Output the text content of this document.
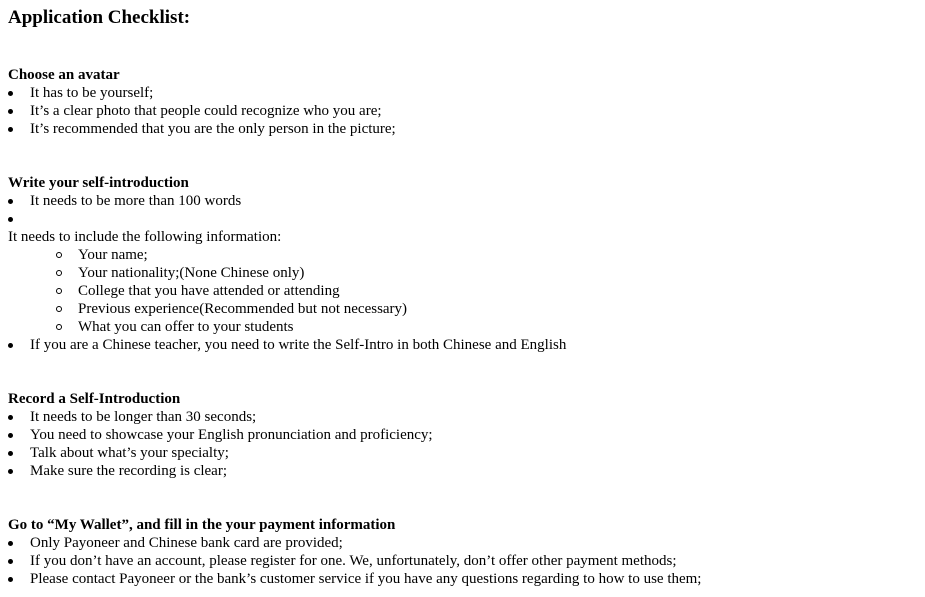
Application Checklist:
Choose an avatar
It has to be yourself;
It’s a clear photo that people could recognize who you are;
It’s recommended that you are the only person in the picture;
Write your self-introduction
It needs to be more than 100 words
It needs to include the following information:
Your name;
Your nationality;(None Chinese only)
College that you have attended or attending
Previous experience(Recommended but not necessary)
What you can offer to your students
If you are a Chinese teacher, you need to write the Self-Intro in both Chinese and English
Record a Self-Introduction
It needs to be longer than 30 seconds;
You need to showcase your English pronunciation and proficiency;
Talk about what’s your specialty;
Make sure the recording is clear;
Go to “My Wallet”, and fill in the your payment information
Only Payoneer and Chinese bank card are provided;
If you don’t have an account, please register for one. We, unfortunately, don’t offer other payment methods;
Please contact Payoneer or the bank’s customer service if you have any questions regarding to how to use them;
